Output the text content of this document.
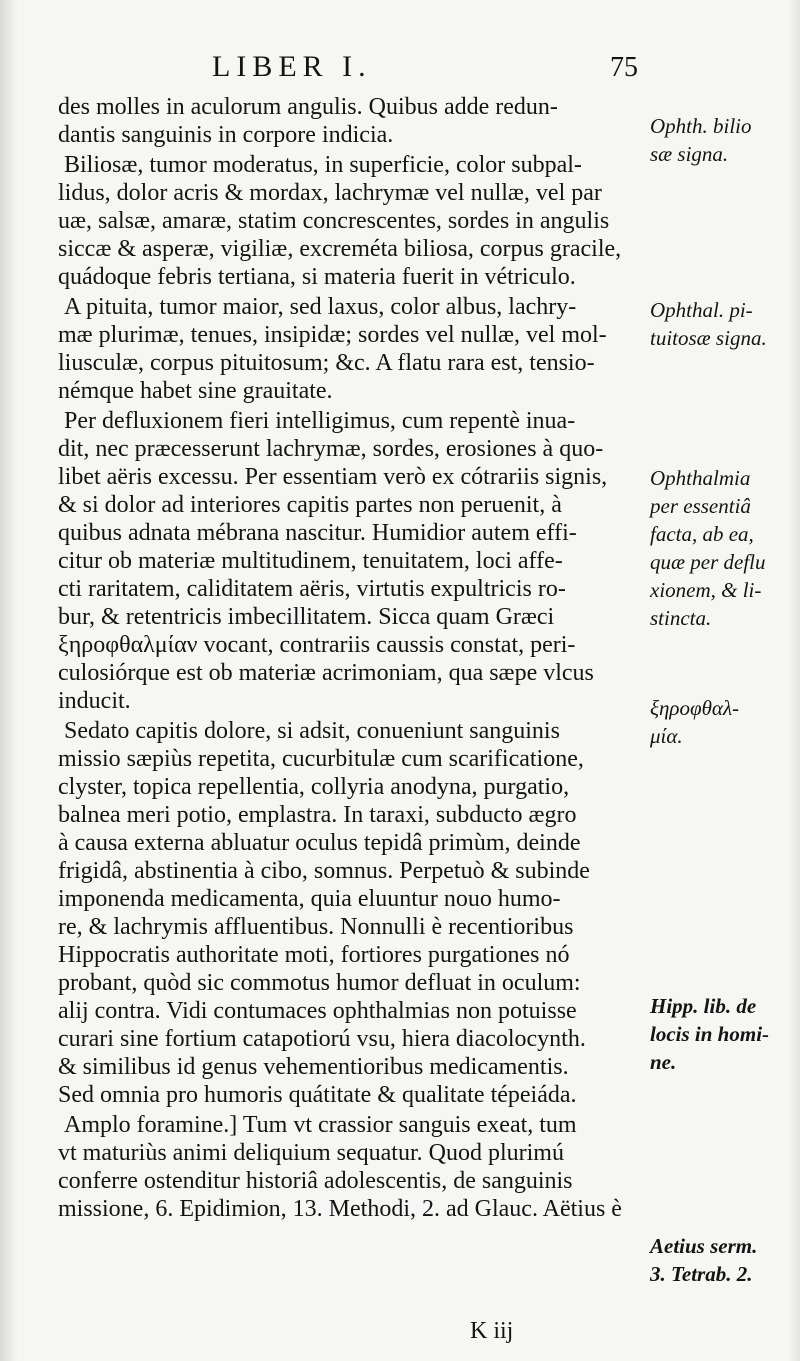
LIBER I.	75
des molles in aculorum angulis. Quibus adde redun-
dantis sanguinis in corpore indicia.
Biliosæ, tumor moderatus, in superficie, color subpal-
lidus, dolor acris & mordax, lachrymæ vel nullæ, vel par
uæ, salsæ, amaræ, statim concrescentes, sordes in angulis
siccæ & asperæ, vigiliæ, excreméta biliosa, corpus gracile,
quádoque febris tertiana, si materia fuerit in vétriculo.
A pituita, tumor maior, sed laxus, color albus, lachry-
mæ plurimæ, tenues, insipidæ; sordes vel nullæ, vel mol-
liusculæ, corpus pituitosum; &c. A flatu rara est, tensio-
némque habet sine grauitate.
Per defluxionem fieri intelligimus, cum repentè inua-
dit, nec præcesserunt lachrymæ, sordes, erosiones à quo-
libet aëris excessu. Per essentiam verò ex cótrariis signis,
& si dolor ad interiores capitis partes non peruenit, à
quibus adnata mébrana nascitur. Humidior autem effi-
citur ob materiæ multitudinem, tenuitatem, loci affe-
cti raritatem, caliditatem aëris, virtutis expultricis ro-
bur, & retentricis imbecillitatem. Sicca quam Græci
ξηροφθαλμίαν vocant, contrariis caussis constat, peri-
culosiórque est ob materiæ acrimoniam, qua sæpe vlcus
inducit.
Sedato capitis dolore, si adsit, conueniunt sanguinis
missio sæpiùs repetita, cucurbitulæ cum scarificatione,
clyster, topica repellentia, collyria anodyna, purgatio,
balnea meri potio, emplastra. In taraxi, subducto ægro
à causa externa abluatur oculus tepidâ primùm, deinde
frigidâ, abstinentia à cibo, somnus. Perpetuò & subinde
imponenda medicamenta, quia eluuntur nouo humo-
re, & lachrymis affluentibus. Nonnulli è recentioribus
Hippocratis authoritate moti, fortiores purgationes nó
probant, quòd sic commotus humor defluat in oculum:
alij contra. Vidi contumaces ophthalmias non potuisse
curari sine fortium catapotiorú vsu, hiera diacolocynth.
& similibus id genus vehementioribus medicamentis.
Sed omnia pro humoris quátitate & qualitate tépeiáda.
Amplo foramine.] Tum vt crassior sanguis exeat, tum
vt maturiùs animi deliquium sequatur. Quod plurimú
conferre ostenditur historiâ adolescentis, de sanguinis
missione, 6. Epidimion, 13. Methodi, 2. ad Glauc. Aëtius è
Ophth. bilio
sæ signa.
Ophthal. pi-
tuitosæ signa.
Ophthalmia
per essentiâ
facta, ab ea,
quæ per deflu
xionem, & li-
stincta.
ξηροφθαλ-
μία.
Hipp. lib. de
locis in homi-
ne.
Aetius serm.
3. Tetrab. 2.
K iij
